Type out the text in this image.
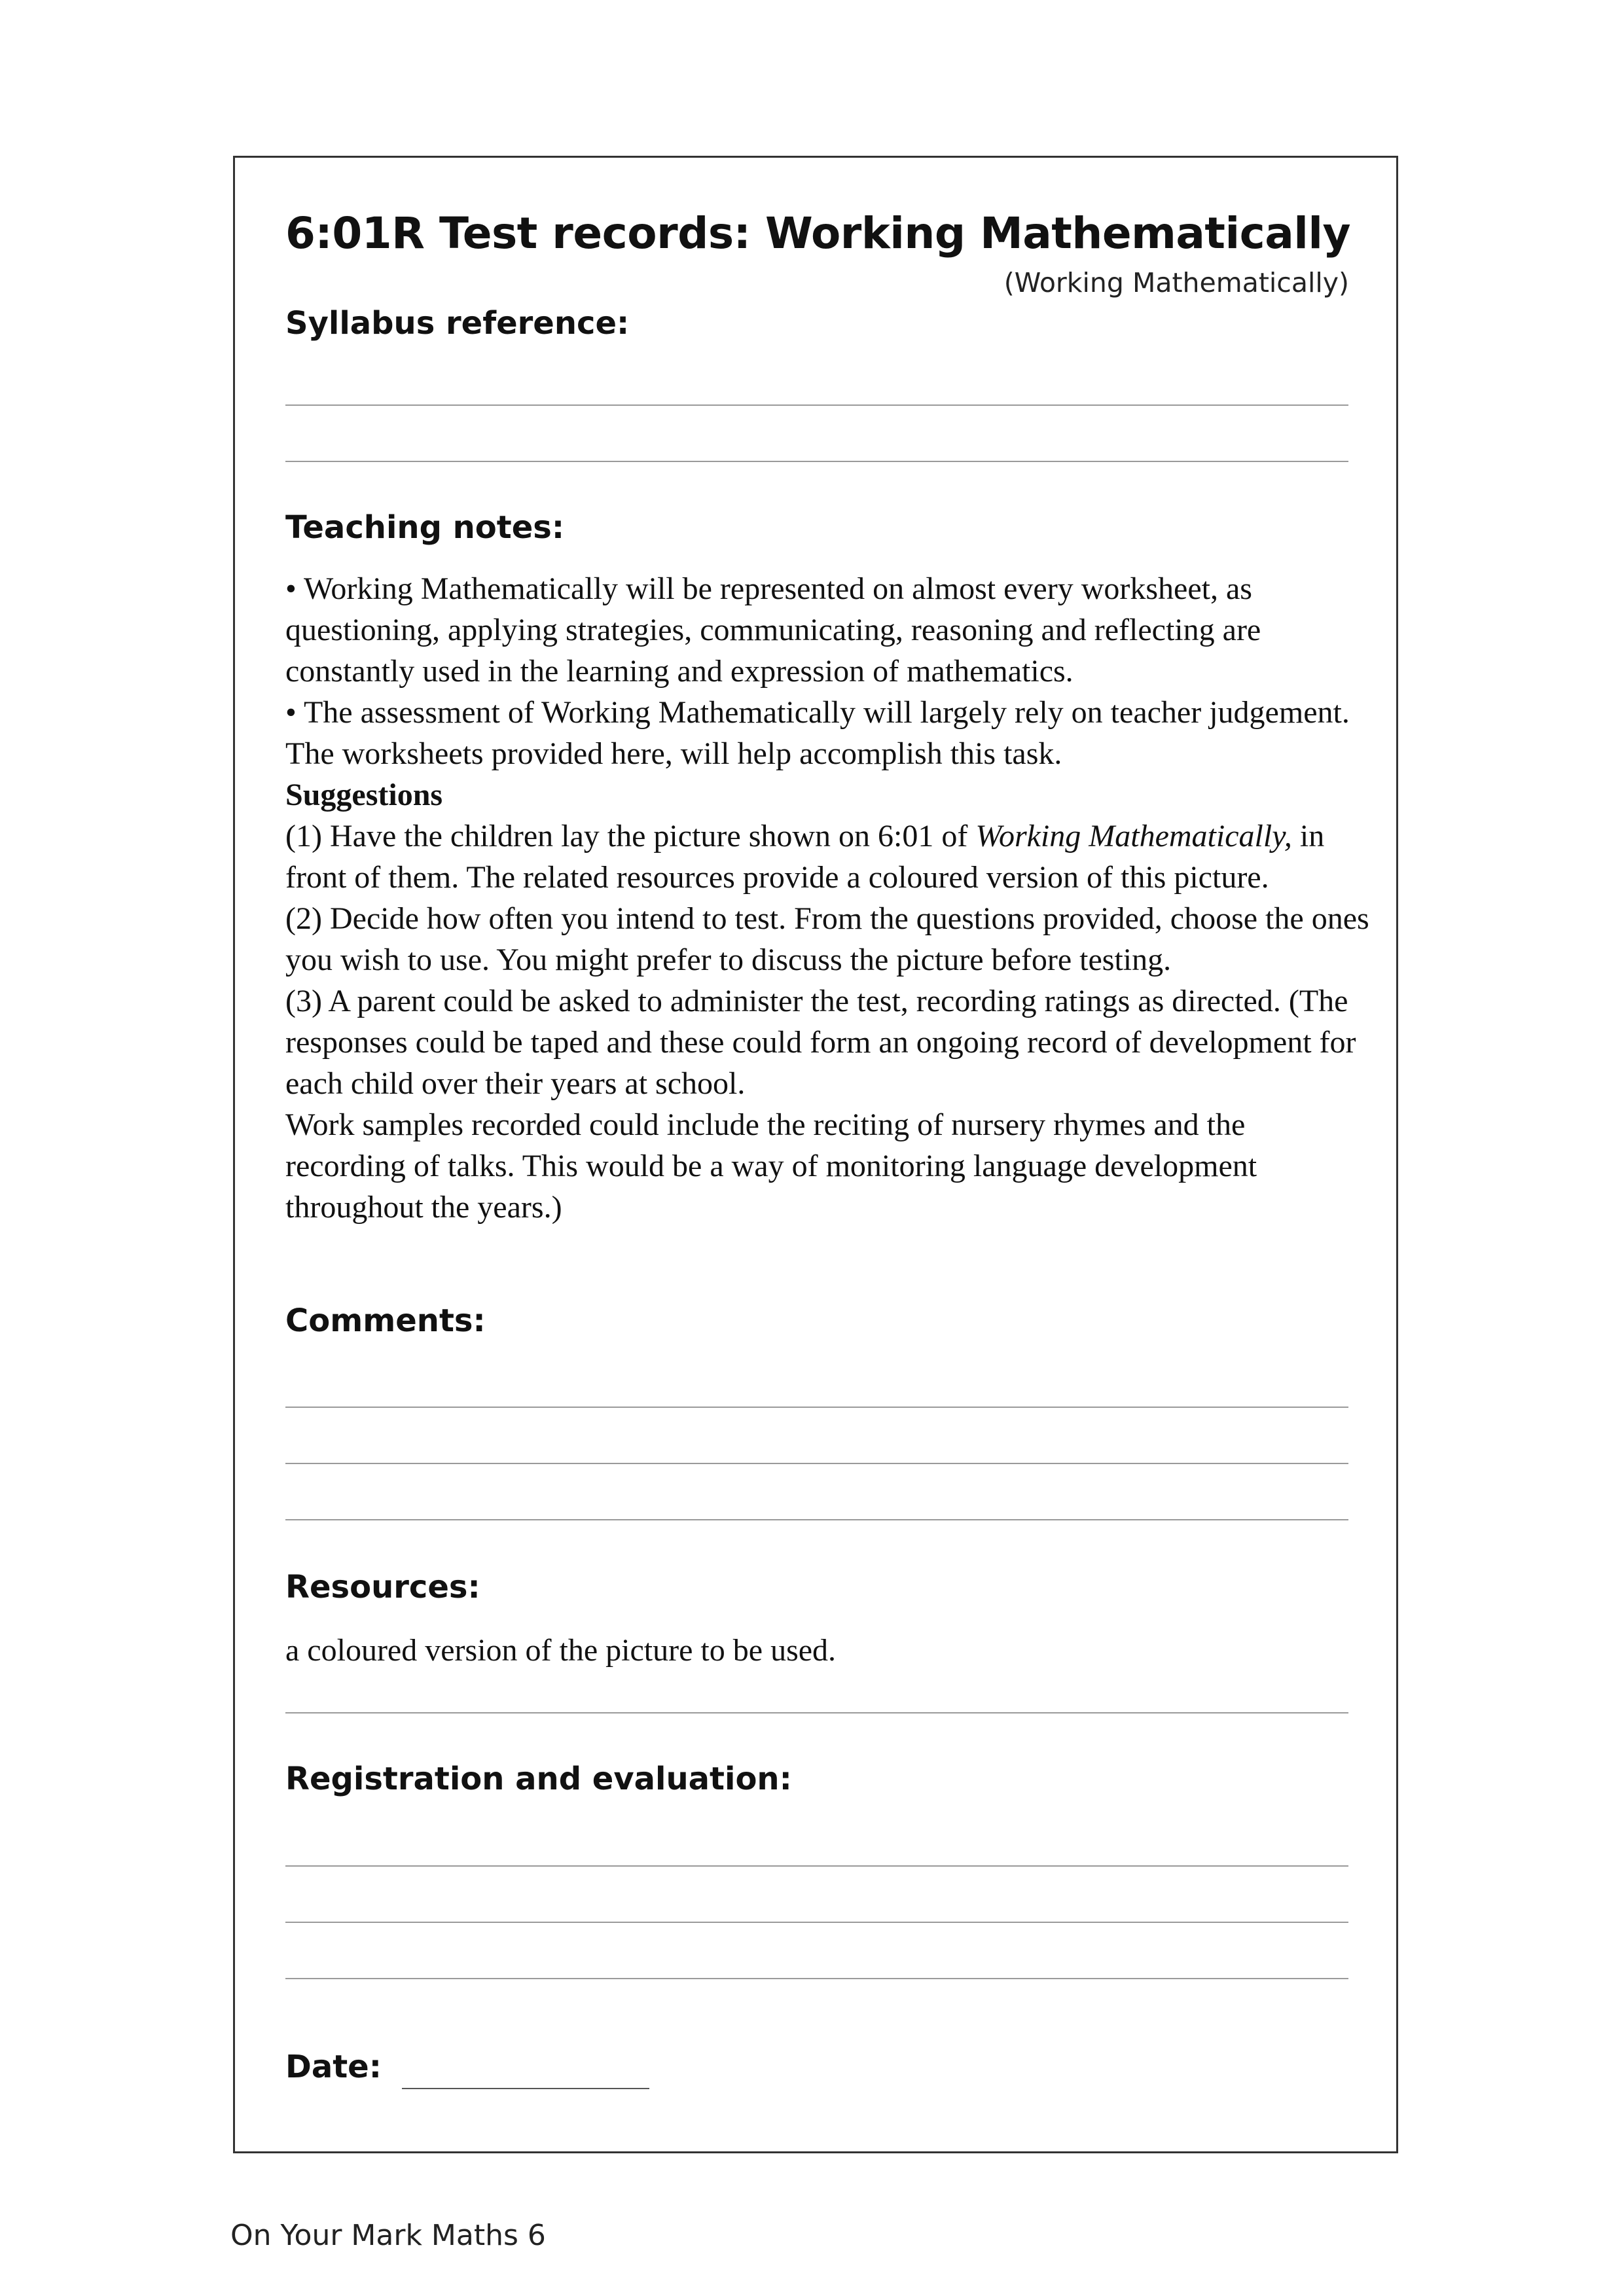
6:01R Test records: Working Mathematically
(Working Mathematically)
Syllabus reference:
Teaching notes:

• Working Mathematically will be represented on almost every worksheet, as questioning, applying strategies, communicating, reasoning and reflecting are constantly used in the learning and expression of mathematics.

• The assessment of Working Mathematically will largely rely on teacher judgement. The worksheets provided here, will help accomplish this task.

Suggestions

(1) Have the children lay the picture shown on 6:01 of Working Mathematically, in front of them. The related resources provide a coloured version of this picture.

(2) Decide how often you intend to test. From the questions provided, choose the ones you wish to use. You might prefer to discuss the picture before testing.

(3) A parent could be asked to administer the test, recording ratings as directed. (The responses could be taped and these could form an ongoing record of development for each child over their years at school.

Work samples recorded could include the reciting of nursery rhymes and the recording of talks. This would be a way of monitoring language development throughout the years.)

Comments:
Resources:
a coloured version of the picture to be used.
Registration and evaluation:
Date:
On Your Mark Maths 6
